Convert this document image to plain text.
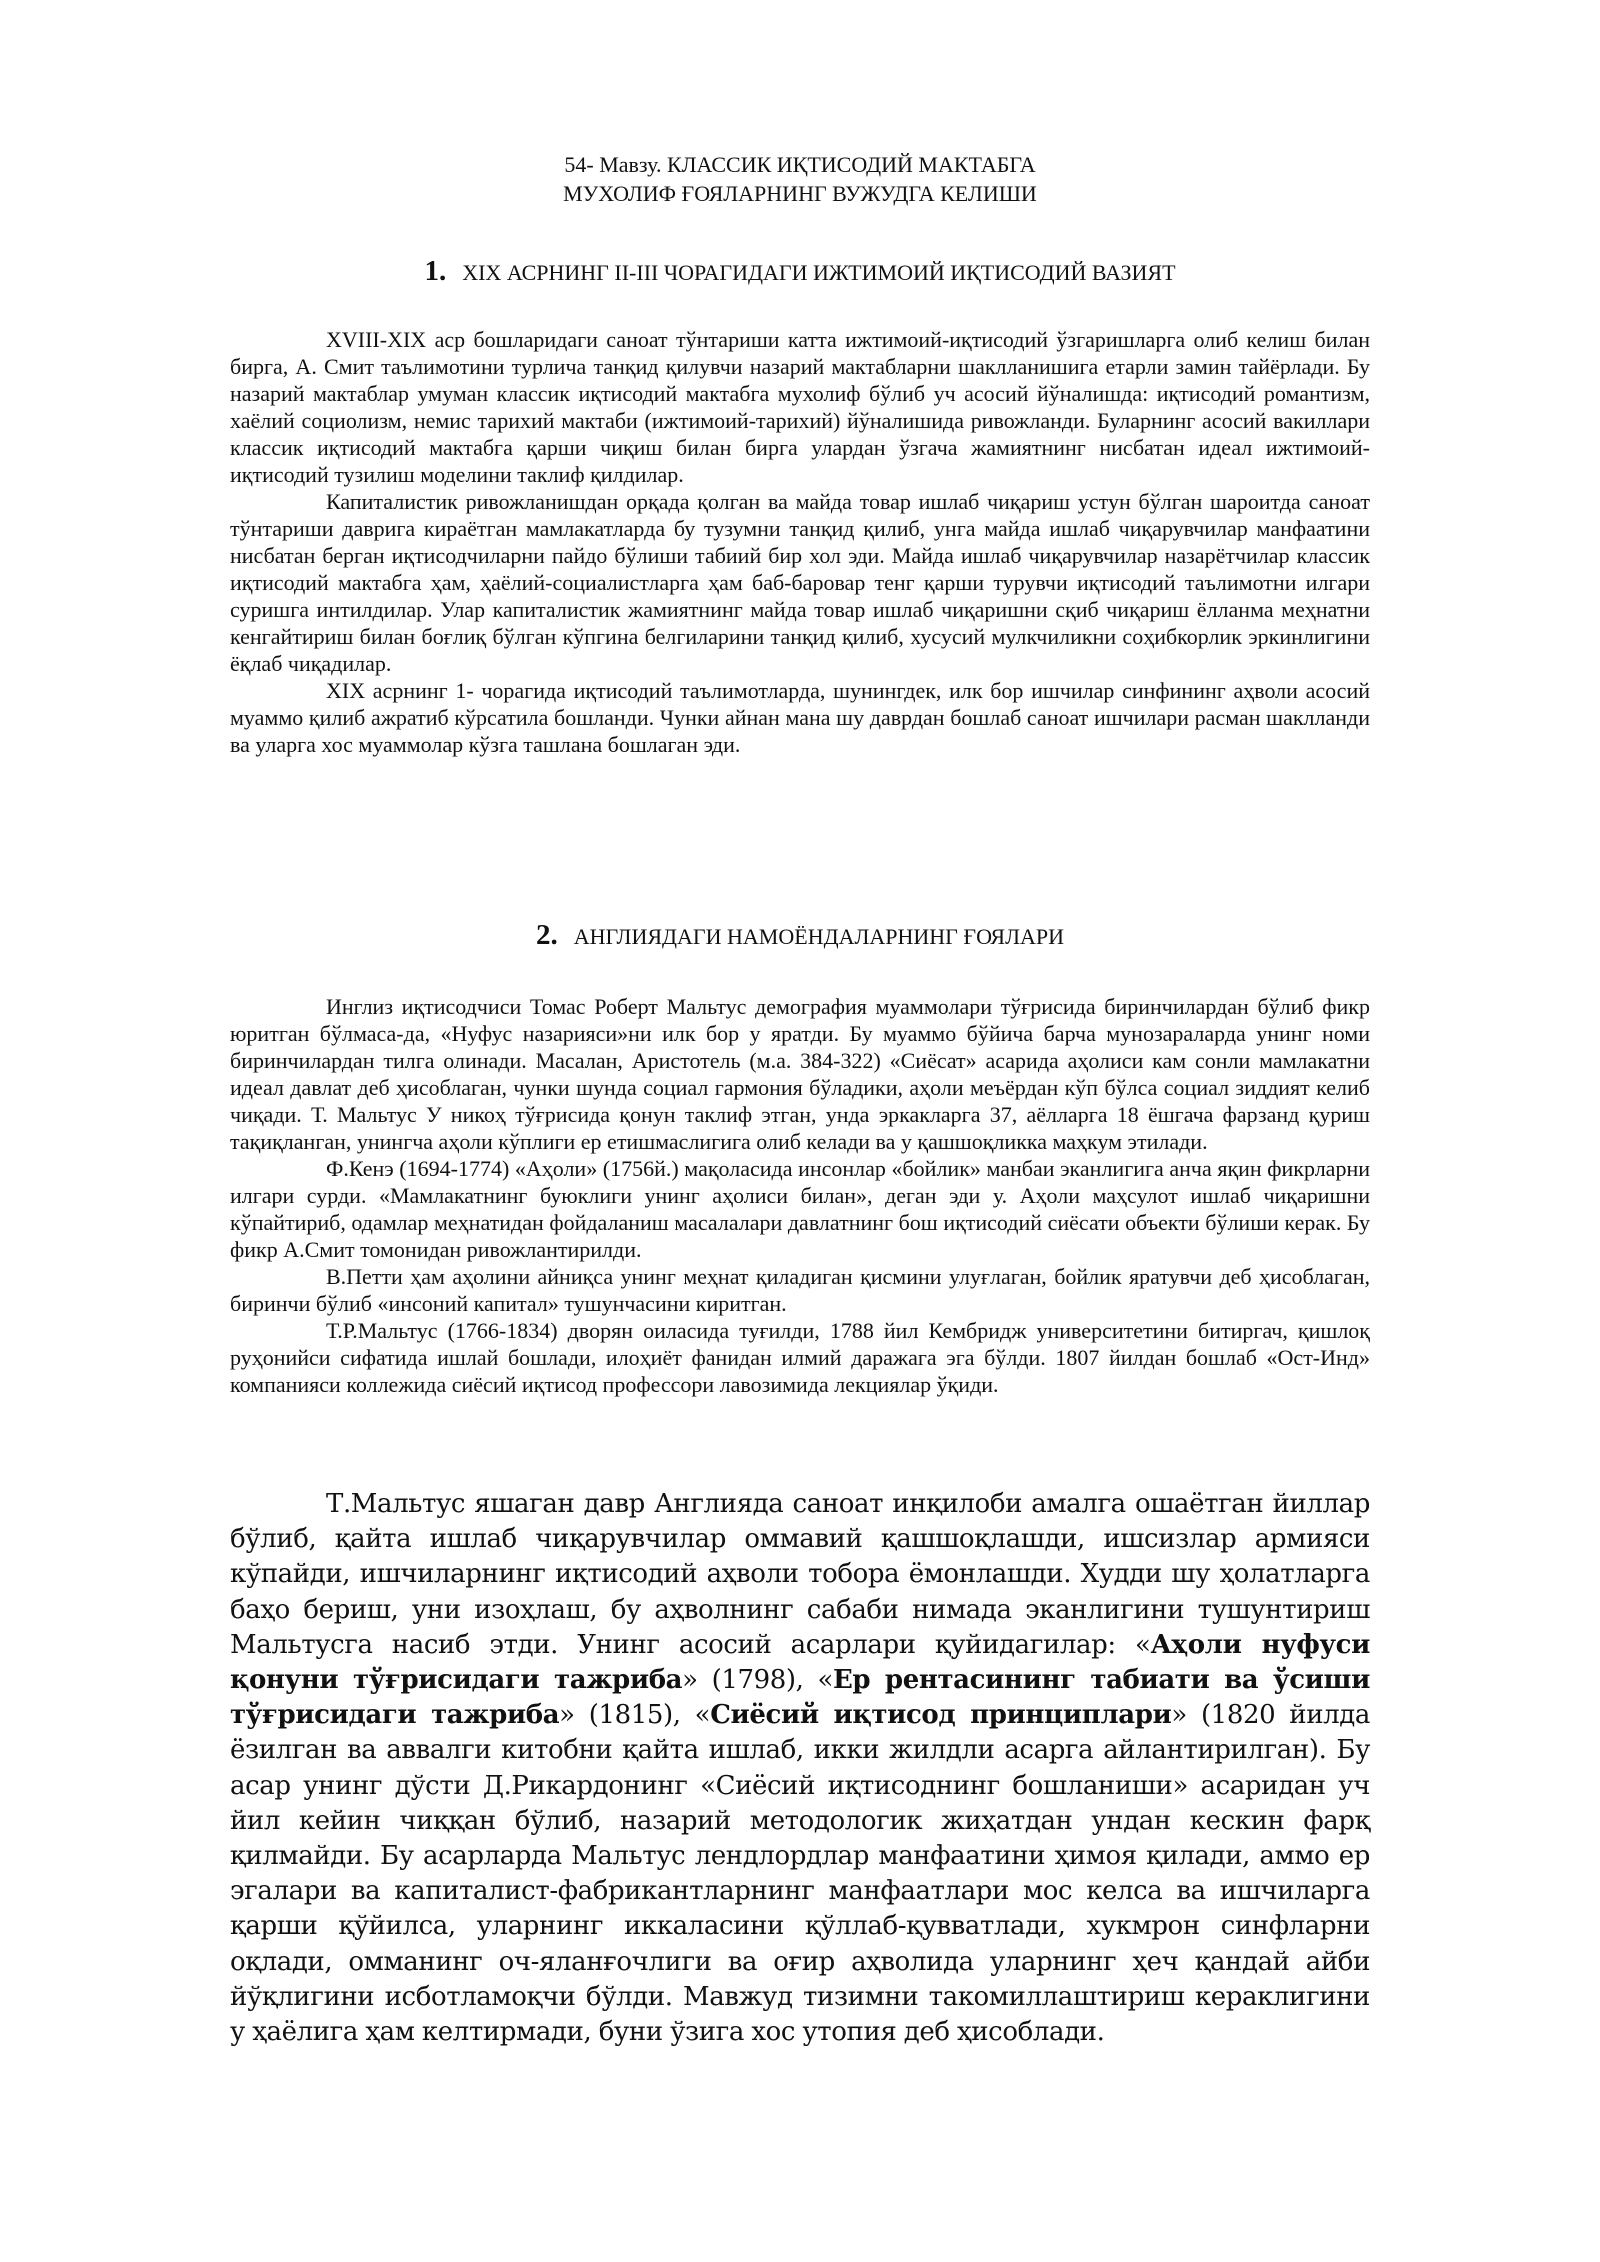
54- Мавзу. КЛАССИК ИҚТИСОДИЙ МАКТАБГА
МУХОЛИФ ҒОЯЛАРНИНГ ВУЖУДГА КЕЛИШИ
1. XIX АСРНИНГ II-III ЧОРАГИДАГИ ИЖТИМОИЙ ИҚТИСОДИЙ ВАЗИЯТ

XVIII-XIX аср бошларидаги саноат тўнтариши катта ижтимоий-иқтисодий ўзгаришларга олиб келиш билан бирга, А. Смит таълимотини турлича танқид қилувчи назарий мактабларни шаклланишига етарли замин тайёрлади. Бу назарий мактаблар умуман классик иқтисодий мактабга мухолиф бўлиб уч асосий йўналишда: иқтисодий романтизм, хаёлий социолизм, немис тарихий мактаби (ижтимоий-тарихий) йўналишида ривожланди. Буларнинг асосий вакиллари классик иқтисодий мактабга қарши чиқиш билан бирга улардан ўзгача жамиятнинг нисбатан идеал ижтимоий-иқтисодий тузилиш моделини таклиф қилдилар.

Капиталистик ривожланишдан орқада қолган ва майда товар ишлаб чиқариш устун бўлган шароитда саноат тўнтариши даврига кираётган мамлакатларда бу тузумни танқид қилиб, унга майда ишлаб чиқарувчилар манфаатини нисбатан берган иқтисодчиларни пайдо бўлиши табиий бир хол эди. Майда ишлаб чиқарувчилар назарётчилар классик иқтисодий мактабга ҳам, ҳаёлий-социалистларга ҳам баб-баровар тенг қарши турувчи иқтисодий таълимотни илгари суришга интилдилар. Улар капиталистик жамиятнинг майда товар ишлаб чиқаришни сқиб чиқариш ёлланма меҳнатни кенгайтириш билан боғлиқ бўлган кўпгина белгиларини танқид қилиб, хусусий мулкчиликни соҳибкорлик эркинлигини ёқлаб чиқадилар.

XIX асрнинг 1- чорагида иқтисодий таълимотларда, шунингдек, илк бор ишчилар синфининг аҳволи асосий муаммо қилиб ажратиб кўрсатила бошланди. Чунки айнан мана шу даврдан бошлаб саноат ишчилари расман шаклланди ва уларга хос муаммолар кўзга ташлана бошлаган эди.

2. АНГЛИЯДАГИ НАМОЁНДАЛАРНИНГ ҒОЯЛАРИ

Инглиз иқтисодчиси Томас Роберт Мальтус демография муаммолари тўғрисида биринчилардан бўлиб фикр юритган бўлмаса-да, «Нуфус назарияси»ни илк бор у яратди. Бу муаммо бўйича барча мунозараларда унинг номи биринчилардан тилга олинади. Масалан, Аристотель (м.а. 384-322) «Сиёсат» асарида аҳолиси кам сонли мамлакатни идеал давлат деб ҳисоблаган, чунки шунда социал гармония бўладики, аҳоли меъёрдан кўп бўлса социал зиддият келиб чиқади. Т. Мальтус У никоҳ тўғрисида қонун таклиф этган, унда эркакларга 37, аёлларга 18 ёшгача фарзанд қуриш тақиқланган, унингча аҳоли кўплиги ер етишмаслигига олиб келади ва у қашшоқликка маҳкум этилади.

Ф.Кенэ (1694-1774) «Аҳоли» (1756й.) мақоласида инсонлар «бойлик» манбаи эканлигига анча яқин фикрларни илгари сурди. «Мамлакатнинг буюклиги унинг аҳолиси билан», деган эди у. Аҳоли маҳсулот ишлаб чиқаришни кўпайтириб, одамлар меҳнатидан фойдаланиш масалалари давлатнинг бош иқтисодий сиёсати объекти бўлиши керак. Бу фикр А.Смит томонидан ривожлантирилди.

В.Петти ҳам аҳолини айниқса унинг меҳнат қиладиган қисмини улуғлаган, бойлик яратувчи деб ҳисоблаган, биринчи бўлиб «инсоний капитал» тушунчасини киритган.

Т.Р.Мальтус (1766-1834) дворян оиласида туғилди, 1788 йил Кембридж университетини битиргач, қишлоқ руҳонийси сифатида ишлай бошлади, илоҳиёт фанидан илмий даражага эга бўлди. 1807 йилдан бошлаб «Ост-Инд» компанияси коллежида сиёсий иқтисод профессори лавозимида лекциялар ўқиди.

Т.Мальтус яшаган давр Англияда саноат инқилоби амалга ошаётган йиллар бўлиб, қайта ишлаб чиқарувчилар оммавий қашшоқлашди, ишсизлар армияси кўпайди, ишчиларнинг иқтисодий аҳволи тобора ёмонлашди. Худди шу ҳолатларга баҳо бериш, уни изоҳлаш, бу аҳволнинг сабаби нимада эканлигини тушунтириш Мальтусга насиб этди. Унинг асосий асарлари қуйидагилар: «Аҳоли нуфуси қонуни тўғрисидаги тажриба» (1798), «Ер рентасининг табиати ва ўсиши тўғрисидаги тажриба» (1815), «Сиёсий иқтисод принциплари» (1820 йилда ёзилган ва аввалги китобни қайта ишлаб, икки жилдли асарга айлантирилган). Бу асар унинг дўсти Д.Рикардонинг «Сиёсий иқтисоднинг бошланиши» асаридан уч йил кейин чиққан бўлиб, назарий методологик жиҳатдан ундан кескин фарқ қилмайди. Бу асарларда Мальтус лендлордлар манфаатини ҳимоя қилади, аммо ер эгалари ва капиталист-фабрикантларнинг манфаатлари мос келса ва ишчиларга қарши қўйилса, уларнинг иккаласини қўллаб-қувватлади, хукмрон синфларни оқлади, омманинг оч-яланғочлиги ва оғир аҳволида уларнинг ҳеч қандай айби йўқлигини исботламоқчи бўлди. Мавжуд тизимни такомиллаштириш кераклигини у ҳаёлига ҳам келтирмади, буни ўзига хос утопия деб ҳисоблади.
